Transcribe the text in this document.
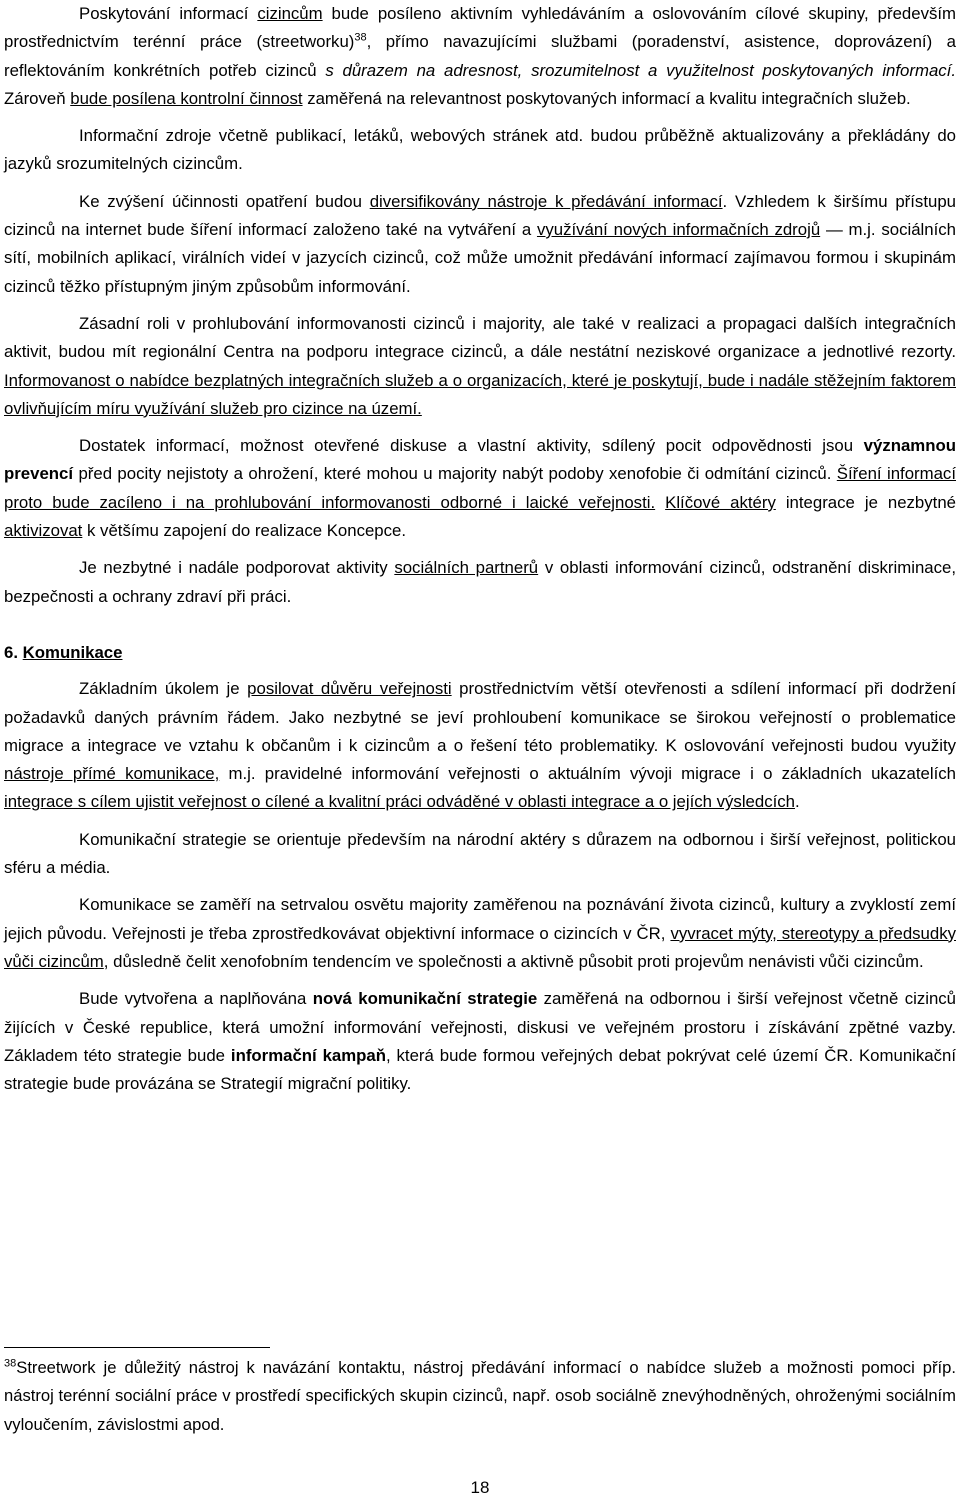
Poskytování informací cizincům bude posíleno aktivním vyhledáváním a oslovováním cílové skupiny, především prostřednictvím terénní práce (streetworku)$^{38}$, přímo navazujícími službami (poradenství, asistence, doprovázení) a reflektováním konkrétních potřeb cizinců s důrazem na adresnost, srozumitelnost a využitelnost poskytovaných informací. Zároveň bude posílena kontrolní činnost zaměřená na relevantnost poskytovaných informací a kvalitu integračních služeb.

Informační zdroje včetně publikací, letáků, webových stránek atd. budou průběžně aktualizovány a překládány do jazyků srozumitelných cizincům.

Ke zvýšení účinnosti opatření budou diversifikovány nástroje k předávání informací. Vzhledem k širšímu přístupu cizinců na internet bude šíření informací založeno také na vytváření a využívání nových informačních zdrojů — m.j. sociálních sítí, mobilních aplikací, virálních videí v jazycích cizinců, což může umožnit předávání informací zajímavou formou i skupinám cizinců těžko přístupným jiným způsobům informování.

Zásadní roli v prohlubování informovanosti cizinců i majority, ale také v realizaci a propagaci dalších integračních aktivit, budou mít regionální Centra na podporu integrace cizinců, a dále nestátní neziskové organizace a jednotlivé rezorty. Informovanost o nabídce bezplatných integračních služeb a o organizacích, které je poskytují, bude i nadále stěžejním faktorem ovlivňujícím míru využívání služeb pro cizince na území.

Dostatek informací, možnost otevřené diskuse a vlastní aktivity, sdílený pocit odpovědnosti jsou významnou prevencí před pocity nejistoty a ohrožení, které mohou u majority nabýt podoby xenofobie či odmítání cizinců. Šíření informací proto bude zacíleno i na prohlubování informovanosti odborné i laické veřejnosti. Klíčové aktéry integrace je nezbytné aktivizovat k většímu zapojení do realizace Koncepce.

Je nezbytné i nadále podporovat aktivity sociálních partnerů v oblasti informování cizinců, odstranění diskriminace, bezpečnosti a ochrany zdraví při práci.

6. Komunikace

Základním úkolem je posilovat důvěru veřejnosti prostřednictvím větší otevřenosti a sdílení informací při dodržení požadavků daných právním řádem. Jako nezbytné se jeví prohloubení komunikace se širokou veřejností o problematice migrace a integrace ve vztahu k občanům i k cizincům a o řešení této problematiky. K oslovování veřejnosti budou využity nástroje přímé komunikace, m.j. pravidelné informování veřejnosti o aktuálním vývoji migrace i o základních ukazatelích integrace s cílem ujistit veřejnost o cílené a kvalitní práci odváděné v oblasti integrace a o jejích výsledcích.

Komunikační strategie se orientuje především na národní aktéry s důrazem na odbornou i širší veřejnost, politickou sféru a média.

Komunikace se zaměří na setrvalou osvětu majority zaměřenou na poznávání života cizinců, kultury a zvyklostí zemí jejich původu. Veřejnosti je třeba zprostředkovávat objektivní informace o cizincích v ČR, vyvracet mýty, stereotypy a předsudky vůči cizincům, důsledně čelit xenofobním tendencím ve společnosti a aktivně působit proti projevům nenávisti vůči cizincům.

Bude vytvořena a naplňována nová komunikační strategie zaměřená na odbornou i širší veřejnost včetně cizinců žijících v České republice, která umožní informování veřejnosti, diskusi ve veřejném prostoru i získávání zpětné vazby. Základem této strategie bude informační kampaň, která bude formou veřejných debat pokrývat celé území ČR. Komunikační strategie bude provázána se Strategií migrační politiky.

$^{38}$Streetwork je důležitý nástroj k navázání kontaktu, nástroj předávání informací o nabídce služeb a možnosti pomoci příp. nástroj terénní sociální práce v prostředí specifických skupin cizinců, např. osob sociálně znevýhodněných, ohroženými sociálním vyloučením, závislostmi apod.

18
